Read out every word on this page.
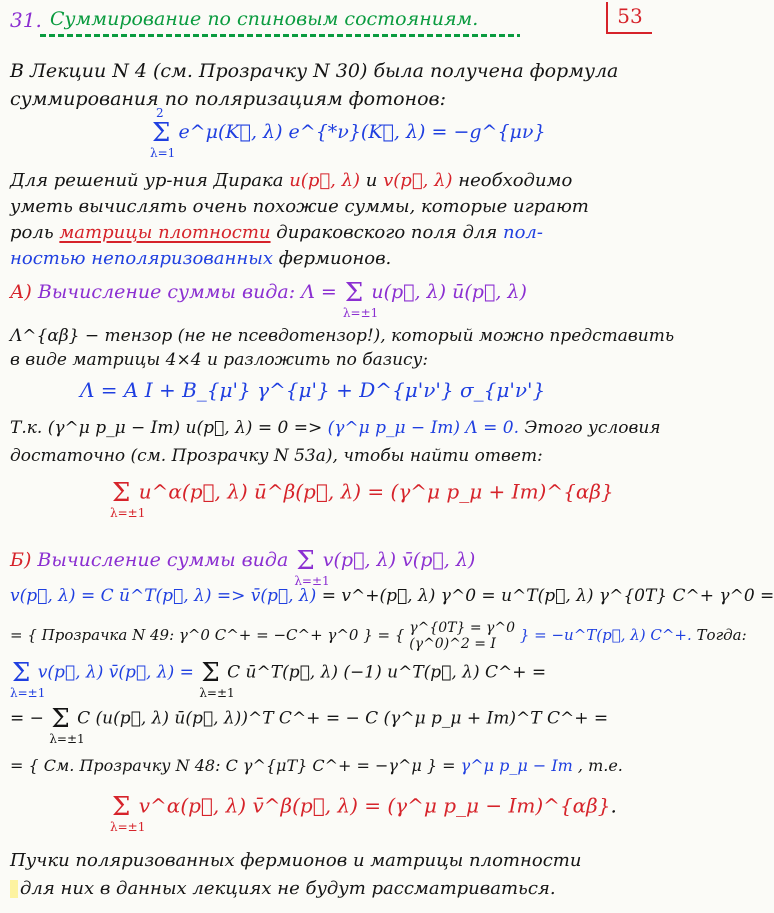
31. Суммирование по спиновым состояниям.	53
В Лекции N 4 (см. Прозрачку N 30) была получена формула
суммирования по поляризациям фотонов:
Σ
2
λ=1
e^μ(K⃗, λ) e^{*ν}(K⃗, λ) = −g^{μν}
Для решений ур-ния Дирака u(p⃗, λ) и v(p⃗, λ) необходимо
уметь вычислять очень похожие суммы, которые играют
роль матрицы плотности дираковского поля для пол-
ностью неполяризованных фермионов.
А) Вычисление суммы вида: Λ = Σ
λ=±1
u(p⃗, λ) ū(p⃗, λ)
Λ^{αβ} − тензор (не не псевдотензор!), который можно представить
в виде матрицы 4×4 и разложить по базису:
Λ = A I + B_{μ'} γ^{μ'} + D^{μ'ν'} σ_{μ'ν'}
Т.к. (γ^μ p_μ − Im) u(p⃗, λ) = 0 => (γ^μ p_μ − Im) Λ = 0. Этого условия
достаточно (см. Прозрачку N 53а), чтобы найти ответ:
Σ
λ=±1
u^α(p⃗, λ) ū^β(p⃗, λ) = (γ^μ p_μ + Im)^{αβ}
Б) Вычисление суммы вида Σ
λ=±1
v(p⃗, λ) v̄(p⃗, λ)
v(p⃗, λ) = C ū^T(p⃗, λ) => v̄(p⃗, λ) = v^+(p⃗, λ) γ^0 = u^T(p⃗, λ) γ^{0T} C^+ γ^0 =
= { Прозрачка N 49: γ^0 C^+ = −C^+ γ^0 } = { γ^{0T} = γ^0
(γ^0)^2 = I	} = −u^T(p⃗, λ) C^+. Тогда:
Σ
λ=±1
v(p⃗, λ) v̄(p⃗, λ) = Σ
λ=±1
C ū^T(p⃗, λ) (−1) u^T(p⃗, λ) C^+ =
= − Σ
λ=±1
C (u(p⃗, λ) ū(p⃗, λ))^T C^+ = − C (γ^μ p_μ + Im)^T C^+ =
= { См. Прозрачку N 48: C γ^{μT} C^+ = −γ^μ } = γ^μ p_μ − Im , т.е.
Σ
λ=±1
v^α(p⃗, λ) v̄^β(p⃗, λ) = (γ^μ p_μ − Im)^{αβ}.
Пучки поляризованных фермионов и матрицы плотности
для них в данных лекциях не будут рассматриваться.
